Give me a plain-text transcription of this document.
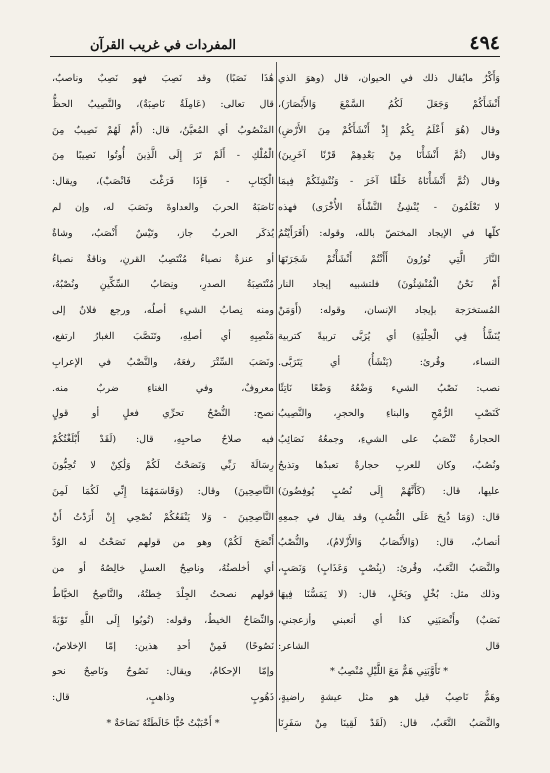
٤٩٤
المفردات في غريب القرآن
وَأَكْرُ مايُقال ذلك في الحيوان، قال (وهوَ الذي
أَنْشَأَكُمْ وَجَعَلَ لَكُمُ السَّمْعَ وَالأَبْصَارَ)،
وقال (هُوَ أَعْلَمُ بِكُمْ إِذْ أَنْشَأَكُمْ مِنَ الأَرْضِ)
وقال (ثُمَّ أَنْشَأْنَا مِنْ بَعْدِهِمْ قَرْنًا آخَرِينَ)
وقال (ثُمَّ أَنْشَأْنَاهُ خَلْقًا آخَرَ - وَنُنْشِئَكُمْ فِيمَا
لا تَعْلَمُونَ - يُنْشِئُ النَّشْأَةَ الأُخْرَى) فهذه
كلّها في الإيجاد المختصّ بالله، وقوله: (أَفَرَأَيْتُمُ
النَّارَ الَّتِي تُورُونَ أَأَنْتُمْ أَنْشَأْتُمْ شَجَرَتَهَا
أَمْ نَحْنُ الْمُنْشِئُونَ) فلتشبيه إيجاد النار
المُستخرَجة بإيجاد الإنسان، وقوله: (أَوَمَنْ
يُنَشَّأُ فِي الْحِلْيَةِ) أي يُرَبَّى تربيةً كتربية
النساء، وقُرئ: (يَنْشَأُ) أي يَتَرَبَّى.
نصب: نَصْبُ الشيء وَضْعُهُ وَضْعًا نَاتِئًا
كَنَصْبِ الرُّمْحِ والبناءِ والحجرِ، والنَّصِيبُ
الحجارةُ تُنْصَبُ على الشيءِ، وجمعُهُ نَصَائِبُ
ونُصُبٌ، وكان للعربِ حجارةٌ تعبدُها وتذبحُ
عليها، قال: (كَأَنَّهُمْ إِلَى نُصُبٍ يُوفِضُونَ)
قال: (وَمَا ذُبِحَ عَلَى النُّصُبِ) وقد يقال في جمعِهِ
أنصابٌ، قال: (وَالأَنْصَابُ وَالأَزْلامُ)، والنُّصْبُ
والنَّصَبُ التَّعَبُ، وقُرئ: (بِنُصْبٍ وَعَذَابٍ) وَنَصَبٍ،
وذلك مثل: بُخْلٍ وبَخَلٍ، قال: (لا يَمَسُّنَا فِيهَا
نَصَبٌ) وأَنْصَبَنِي كذا أي أتعبني وأزعجني،
قال الشاعر:
* تَأَوَّبَنِي هَمٌّ مَعَ اللَّيْلِ مُنْصِبُ *
وهَمٌّ نَاصِبٌ قيل هو مثل عيشةٍ راضيةٍ،
والنَّصَبُ التَّعَبُ، قال: (لَقَدْ لَقِينَا مِنْ سَفَرِنَا
هَٰذَا نَصَبًا) وقد نَصِبَ فهو نَصِبٌ وناصبٌ،
قال تعالى: (عَامِلَةٌ نَاصِبَةٌ)، والنَّصِيبُ الحظُّ
المَنْصُوبُ أي المُعيَّنُ، قال: (أَمْ لَهُمْ نَصِيبٌ مِنَ
الْمُلْكِ - أَلَمْ تَرَ إِلَى الَّذِينَ أُوتُوا نَصِيبًا مِنَ
الْكِتَابِ - فَإِذَا فَرَغْتَ فَانْصَبْ)، ويقال:
نَاصَبَهُ الحربَ والعداوةَ ونَصَبَ له، وإن لم
يُذكَر الحربُ جاز، وتَيْسٌ أَنْصَبُ، وشاةٌ
أو عنزةٌ نصباءُ مُنْتَصِبُ القرنِ، وناقةٌ نصباءُ
مُنْتَصِبَةُ الصدرِ، ونِصَابُ السِّكِّينِ ونُصْبُهُ،
ومنه نِصابُ الشيءِ أصلُه، ورجع فلانٌ إلى
مَنْصِبِهِ أي أصلِهِ، وتَنَصَّبَ الغبارُ ارتفع،
ونَصَبَ السِّتْرَ رفعَهُ، والنَّصْبُ في الإعرابِ
معروفٌ، وفي الغناءِ ضربٌ منه.
نصح: النُّصْحُ تحرِّي فعلٍ أو قولٍ
فيه صلاحُ صاحبِهِ، قال: (لَقَدْ أَبْلَغْتُكُمْ
رِسَالَةَ رَبِّي وَنَصَحْتُ لَكُمْ وَلَٰكِنْ لا تُحِبُّونَ
النَّاصِحِينَ) وقال: (وَقَاسَمَهُمَا إِنِّي لَكُمَا لَمِنَ
النَّاصِحِينَ - وَلا يَنْفَعُكُمْ نُصْحِي إِنْ أَرَدْتُ أَنْ
أَنْصَحَ لَكُمْ) وهو من قولهم نَصَحْتُ له الوُدَّ
أي أخلصتُهُ، وناصِحُ العسلِ خالِصُهُ أو من
قولهم نصحتُ الجِلْدَ خِطتُهُ، والنَّاصِحُ الخيَّاطُ
والنِّصَاحُ الخيطُ، وقوله: (تُوبُوا إِلَى اللَّهِ تَوْبَةً
نَصُوحًا) فَمِنْ أحدِ هذين: إمّا الإخلاصُ،
وإمّا الإحكامُ، ويقال: نَصُوحٌ ونَاصِحٌ نحو
ذَهُوبٍ وذاهبٍ، قال:
* أَحْبَبْتُ حُبًّا خَالَطَتْهُ نَصَاحَةٌ *
